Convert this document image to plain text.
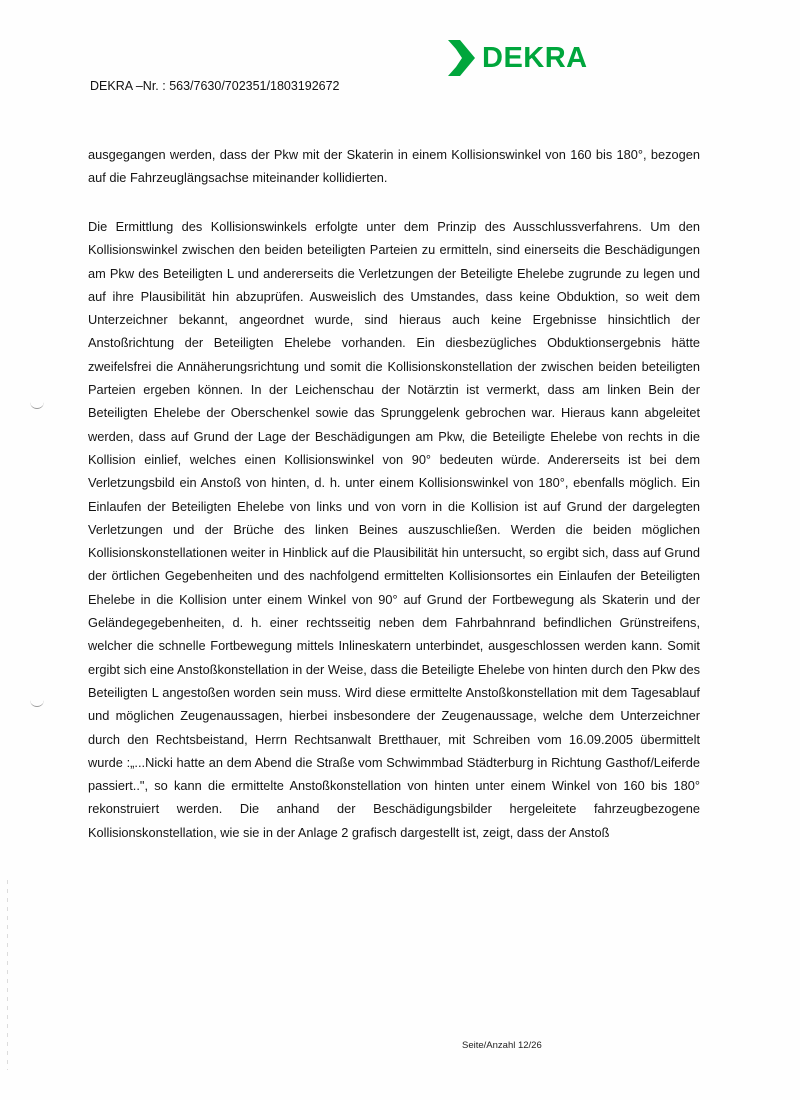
DEKRA
DEKRA –Nr. : 563/7630/702351/1803192672

ausgegangen werden, dass der Pkw mit der Skaterin in einem Kollisionswinkel von 160 bis 180°, bezogen auf die Fahrzeuglängsachse miteinander kollidierten.

Die Ermittlung des Kollisionswinkels erfolgte unter dem Prinzip des Ausschlussverfahrens. Um den Kollisionswinkel zwischen den beiden beteiligten Parteien zu ermitteln, sind einerseits die Beschädigungen am Pkw des Beteiligten L und andererseits die Verletzungen der Beteiligte Ehelebe zugrunde zu legen und auf ihre Plausibilität hin abzuprüfen. Ausweislich des Umstandes, dass keine Obduktion, so weit dem Unterzeichner bekannt, angeordnet wurde, sind hieraus auch keine Ergebnisse hinsichtlich der Anstoßrichtung der Beteiligten Ehelebe vorhanden. Ein diesbezügliches Obduktionsergebnis hätte zweifelsfrei die Annäherungsrichtung und somit die Kollisionskonstellation der zwischen beiden beteiligten Parteien ergeben können. In der Leichenschau der Notärztin ist vermerkt, dass am linken Bein der Beteiligten Ehelebe der Oberschenkel sowie das Sprunggelenk gebrochen war. Hieraus kann abgeleitet werden, dass auf Grund der Lage der Beschädigungen am Pkw, die Beteiligte Ehelebe von rechts in die Kollision einlief, welches einen Kollisionswinkel von 90° bedeuten würde. Andererseits ist bei dem Verletzungsbild ein Anstoß von hinten, d. h. unter einem Kollisionswinkel von 180°, ebenfalls möglich. Ein Einlaufen der Beteiligten Ehelebe von links und von vorn in die Kollision ist auf Grund der dargelegten Verletzungen und der Brüche des linken Beines auszuschließen. Werden die beiden möglichen Kollisionskonstellationen weiter in Hinblick auf die Plausibilität hin untersucht, so ergibt sich, dass auf Grund der örtlichen Gegebenheiten und des nachfolgend ermittelten Kollisionsortes ein Einlaufen der Beteiligten Ehelebe in die Kollision unter einem Winkel von 90° auf Grund der Fortbewegung als Skaterin und der Geländegegebenheiten, d. h. einer rechtsseitig neben dem Fahrbahnrand befindlichen Grünstreifens, welcher die schnelle Fortbewegung mittels Inlineskatern unterbindet, ausgeschlossen werden kann. Somit ergibt sich eine Anstoßkonstellation in der Weise, dass die Beteiligte Ehelebe von hinten durch den Pkw des Beteiligten L angestoßen worden sein muss. Wird diese ermittelte Anstoßkonstellation mit dem Tagesablauf und möglichen Zeugenaussagen, hierbei insbesondere der Zeugenaussage, welche dem Unterzeichner durch den Rechtsbeistand, Herrn Rechtsanwalt Bretthauer, mit Schreiben vom 16.09.2005 übermittelt wurde :„...Nicki hatte an dem Abend die Straße vom Schwimmbad Städterburg in Richtung Gasthof/Leiferde passiert..", so kann die ermittelte Anstoßkonstellation von hinten unter einem Winkel von 160 bis 180° rekonstruiert werden. Die anhand der Beschädigungsbilder hergeleitete fahrzeugbezogene Kollisionskonstellation, wie sie in der Anlage 2 grafisch dargestellt ist, zeigt, dass der Anstoß

Seite/Anzahl 12/26
